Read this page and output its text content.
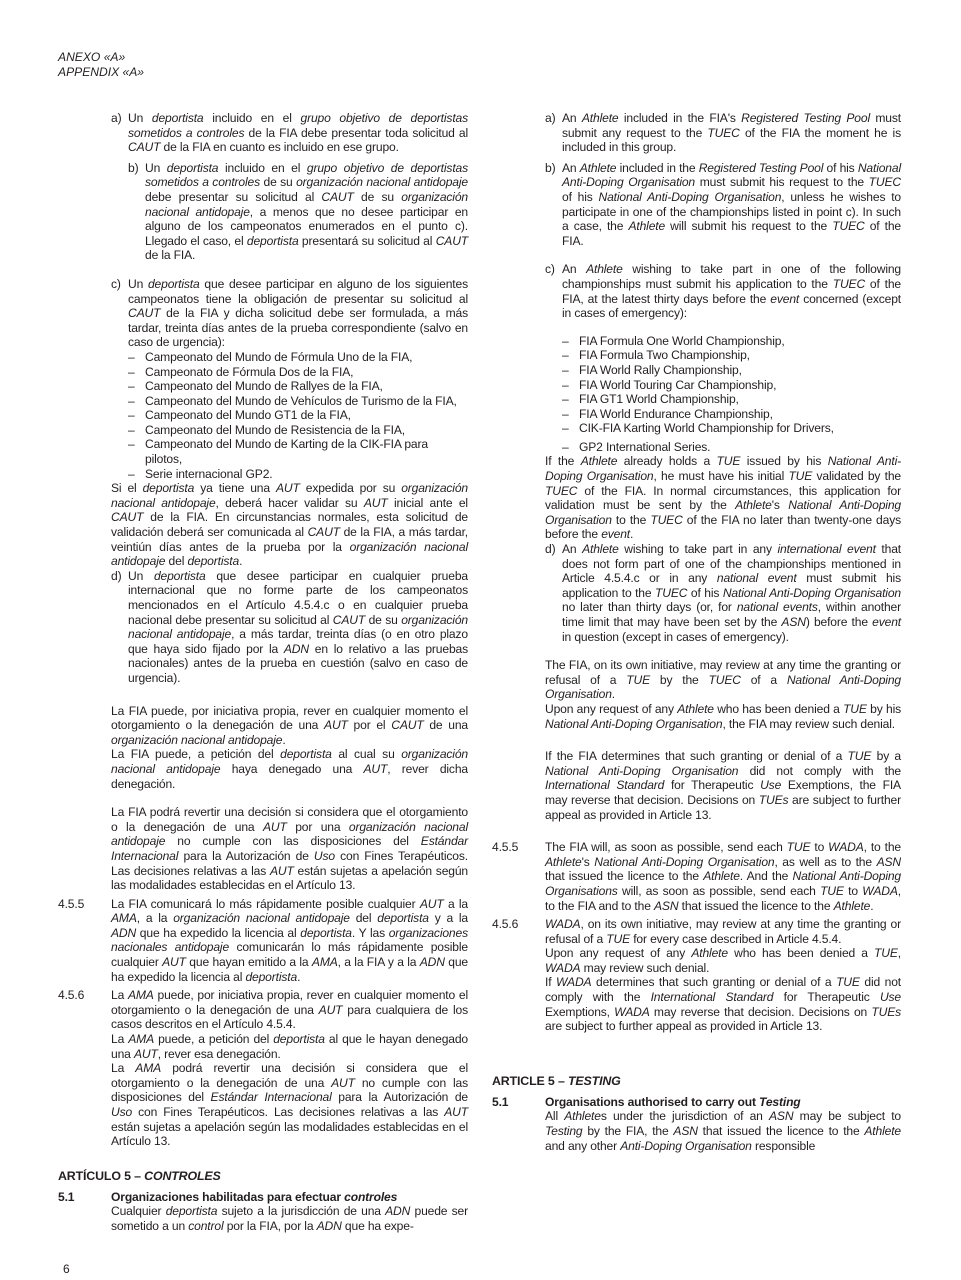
ANEXO «A»
APPENDIX «A»
a) Un deportista incluido en el grupo objetivo de deportistas sometidos a controles de la FIA debe presentar toda solicitud al CAUT de la FIA en cuanto es incluido en ese grupo.

b) Un deportista incluido en el grupo objetivo de deportistas sometidos a controles de su organización nacional antidopaje debe presentar su solicitud al CAUT de su organización nacional antidopaje, a menos que no desee participar en alguno de los campeonatos enumerados en el punto c). Llegado el caso, el deportista presentará su solicitud al CAUT de la FIA.

c) Un deportista que desee participar en alguno de los siguientes campeonatos tiene la obligación de presentar su solicitud al CAUT de la FIA y dicha solicitud debe ser formulada, a más tardar, treinta días antes de la prueba correspondiente (salvo en caso de urgencia):

– Campeonato del Mundo de Fórmula Uno de la FIA,
– Campeonato de Fórmula Dos de la FIA,
– Campeonato del Mundo de Rallyes de la FIA,
– Campeonato del Mundo de Vehículos de Turismo de la FIA,
– Campeonato del Mundo GT1 de la FIA,
– Campeonato del Mundo de Resistencia de la FIA,
– Campeonato del Mundo de Karting de la CIK-FIA para pilotos,
– Serie internacional GP2.

Si el deportista ya tiene una AUT expedida por su organización nacional antidopaje, deberá hacer validar su AUT inicial ante el CAUT de la FIA. En circunstancias normales, esta solicitud de validación deberá ser comunicada al CAUT de la FIA, a más tardar, veintiún días antes de la prueba por la organización nacional antidopaje del deportista.

d) Un deportista que desee participar en cualquier prueba internacional que no forme parte de los campeonatos mencionados en el Artículo 4.5.4.c o en cualquier prueba nacional debe presentar su solicitud al CAUT de su organización nacional antidopaje, a más tardar, treinta días (o en otro plazo que haya sido fijado por la ADN en lo relativo a las pruebas nacionales) antes de la prueba en cuestión (salvo en caso de urgencia).

La FIA puede, por iniciativa propia, rever en cualquier momento el otorgamiento o la denegación de una AUT por el CAUT de una organización nacional antidopaje.

La FIA puede, a petición del deportista al cual su organización nacional antidopaje haya denegado una AUT, rever dicha denegación.

La FIA podrá revertir una decisión si considera que el otorgamiento o la denegación de una AUT por una organización nacional antidopaje no cumple con las disposiciones del Estándar Internacional para la Autorización de Uso con Fines Terapéuticos. Las decisiones relativas a las AUT están sujetas a apelación según las modalidades establecidas en el Artículo 13.

4.5.5 La FIA comunicará lo más rápidamente posible cualquier AUT a la AMA, a la organización nacional antidopaje del deportista y a la ADN que ha expedido la licencia al deportista. Y las organizaciones nacionales antidopaje comunicarán lo más rápidamente posible cualquier AUT que hayan emitido a la AMA, a la FIA y a la ADN que ha expedido la licencia al deportista.

4.5.6 La AMA puede, por iniciativa propia, rever en cualquier momento el otorgamiento o la denegación de una AUT para cualquiera de los casos descritos en el Artículo 4.5.4.

La AMA puede, a petición del deportista al que le hayan denegado una AUT, rever esa denegación.

La AMA podrá revertir una decisión si considera que el otorgamiento o la denegación de una AUT no cumple con las disposiciones del Estándar Internacional para la Autorización de Uso con Fines Terapéuticos. Las decisiones relativas a las AUT están sujetas a apelación según las modalidades establecidas en el Artículo 13.

ARTÍCULO 5 – CONTROLES
5.1	Organizaciones habilitadas para efectuar controles

Cualquier deportista sujeto a la jurisdicción de una ADN puede ser sometido a un control por la FIA, por la ADN que ha expe-

6
a) An Athlete included in the FIA's Registered Testing Pool must submit any request to the TUEC of the FIA the moment he is included in this group.

b) An Athlete included in the Registered Testing Pool of his National Anti-Doping Organisation must submit his request to the TUEC of his National Anti-Doping Organisation, unless he wishes to participate in one of the championships listed in point c). In such a case, the Athlete will submit his request to the TUEC of the FIA.

c) An Athlete wishing to take part in one of the following championships must submit his application to the TUEC of the FIA, at the latest thirty days before the event concerned (except in cases of emergency):

– FIA Formula One World Championship,
– FIA Formula Two Championship,
– FIA World Rally Championship,
– FIA World Touring Car Championship,
– FIA GT1 World Championship,
– FIA World Endurance Championship,
– CIK-FIA Karting World Championship for Drivers,
– GP2 International Series.

If the Athlete already holds a TUE issued by his National Anti-Doping Organisation, he must have his initial TUE validated by the TUEC of the FIA. In normal circumstances, this application for validation must be sent by the Athlete's National Anti-Doping Organisation to the TUEC of the FIA no later than twenty-one days before the event.

d) An Athlete wishing to take part in any international event that does not form part of one of the championships mentioned in Article 4.5.4.c or in any national event must submit his application to the TUEC of his National Anti-Doping Organisation no later than thirty days (or, for national events, within another time limit that may have been set by the ASN) before the event in question (except in cases of emergency).

The FIA, on its own initiative, may review at any time the granting or refusal of a TUE by the TUEC of a National Anti-Doping Organisation.

Upon any request of any Athlete who has been denied a TUE by his National Anti-Doping Organisation, the FIA may review such denial.

If the FIA determines that such granting or denial of a TUE by a National Anti-Doping Organisation did not comply with the International Standard for Therapeutic Use Exemptions, the FIA may reverse that decision. Decisions on TUEs are subject to further appeal as provided in Article 13.

4.5.5 The FIA will, as soon as possible, send each TUE to WADA, to the Athlete's National Anti-Doping Organisation, as well as to the ASN that issued the licence to the Athlete. And the National Anti-Doping Organisations will, as soon as possible, send each TUE to WADA, to the FIA and to the ASN that issued the licence to the Athlete.

4.5.6 WADA, on its own initiative, may review at any time the granting or refusal of a TUE for every case described in Article 4.5.4.

Upon any request of any Athlete who has been denied a TUE, WADA may review such denial.

If WADA determines that such granting or denial of a TUE did not comply with the International Standard for Therapeutic Use Exemptions, WADA may reverse that decision. Decisions on TUEs are subject to further appeal as provided in Article 13.

ARTICLE 5 – TESTING
5.1	Organisations authorised to carry out Testing

All Athletes under the jurisdiction of an ASN may be subject to Testing by the FIA, the ASN that issued the licence to the Athlete and any other Anti-Doping Organisation responsible
